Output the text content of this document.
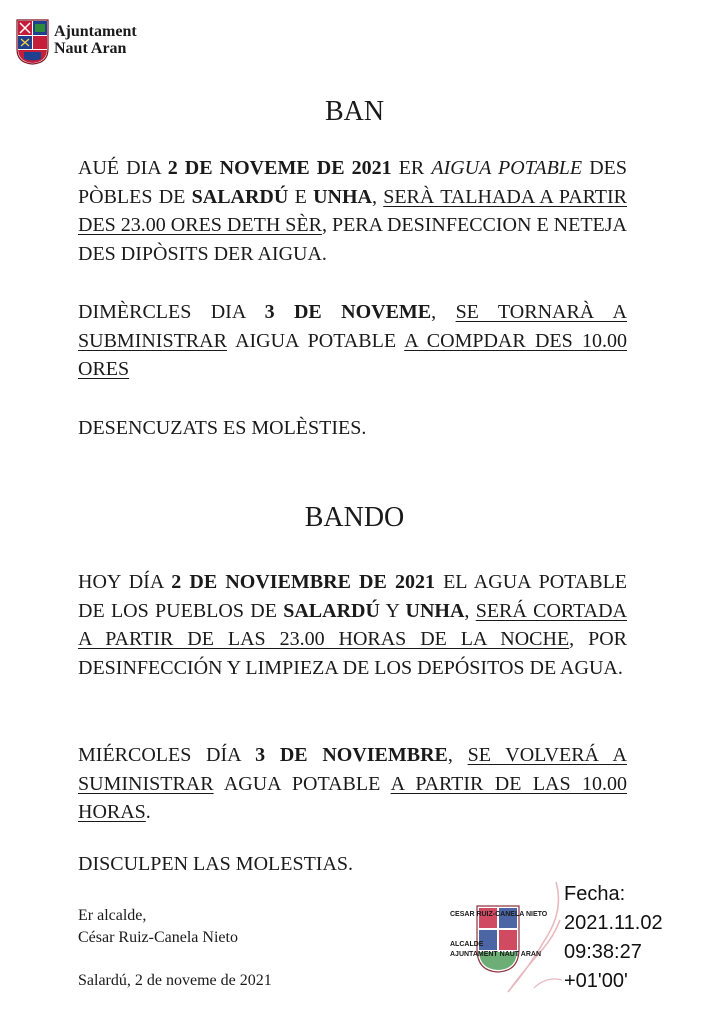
Ajuntament
Naut Aran
BAN
AUÉ DIA 2 DE NOVEME DE 2021 ER AIGUA POTABLE DES PÒBLES DE SALARDÚ E UNHA, SERÀ TALHADA A PARTIR DES 23.00 ORES DETH SÈR, PERA DESINFECCION E NETEJA DES DIPÒSITS DER AIGUA.
DIMÈRCLES DIA 3 DE NOVEME, SE TORNARÀ A SUBMINISTRAR AIGUA POTABLE A COMPDAR DES 10.00 ORES
DESENCUZATS ES MOLÈSTIES.
BANDO
HOY DÍA 2 DE NOVIEMBRE DE 2021 EL AGUA POTABLE DE LOS PUEBLOS DE SALARDÚ Y UNHA, SERÁ CORTADA A PARTIR DE LAS 23.00 HORAS DE LA NOCHE, POR DESINFECCIÓN Y LIMPIEZA DE LOS DEPÓSITOS DE AGUA.
MIÉRCOLES DÍA 3 DE NOVIEMBRE, SE VOLVERÁ A SUMINISTRAR AGUA POTABLE A PARTIR DE LAS 10.00 HORAS.
DISCULPEN LAS MOLESTIAS.
Er alcalde,
César Ruiz-Canela Nieto
Salardú, 2 de noveme de 2021
CESAR RUIZ-CANELA NIETO
ALCALDE
AJUNTAMENT NAUT ARAN
Fecha:
2021.11.02
09:38:27
+01'00'
